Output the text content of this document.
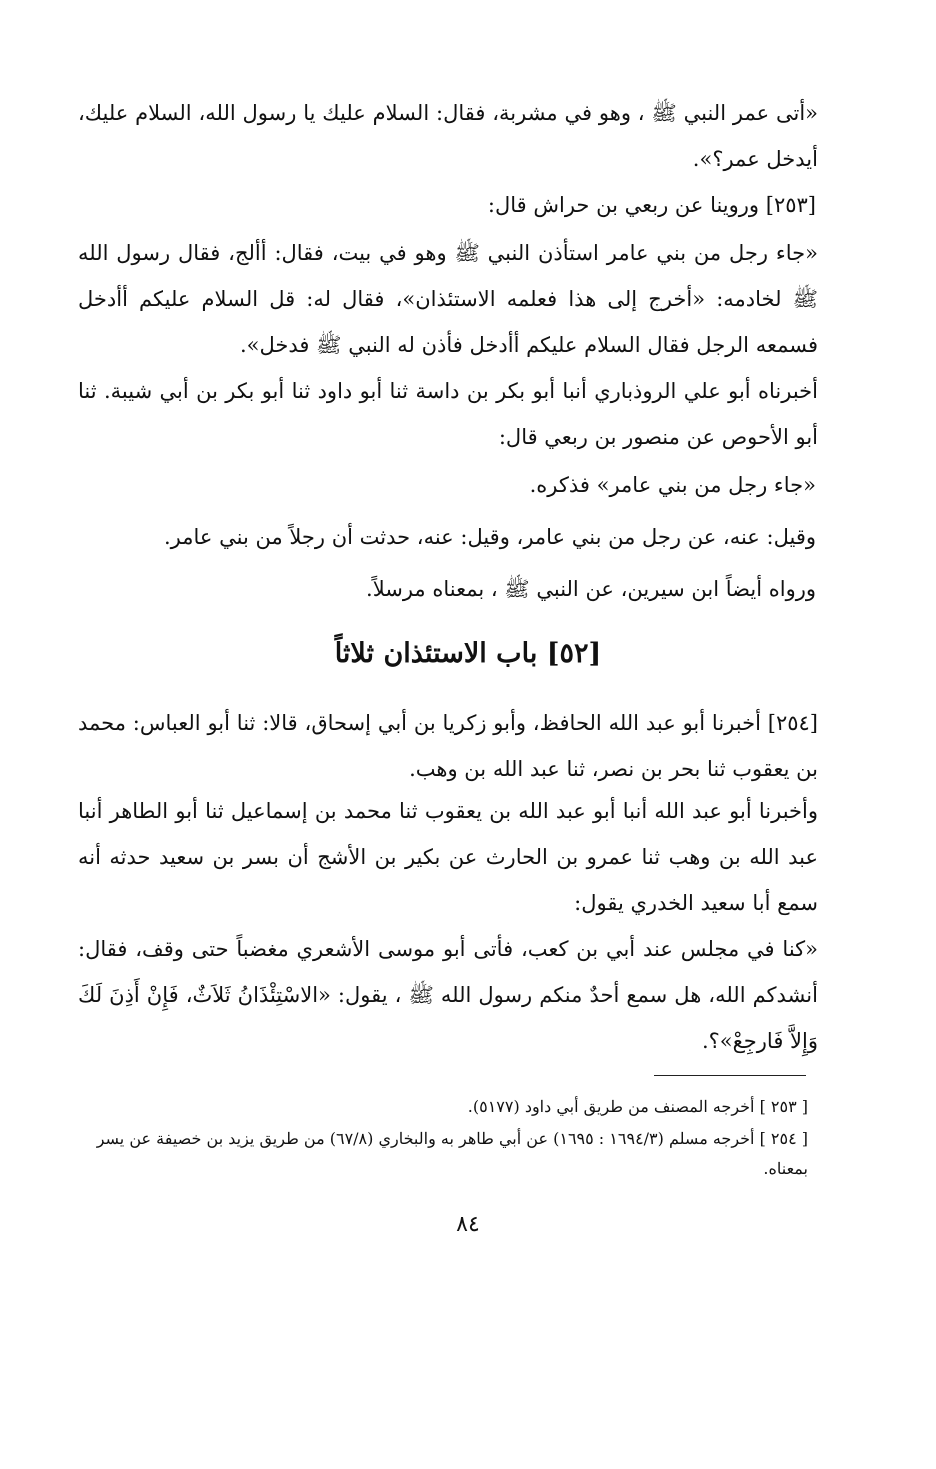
«أتى عمر النبي ﷺ ، وهو في مشربة، فقال: السلام عليك يا رسول الله، السلام عليك، أيدخل عمر؟».

[٢٥٣] وروينا عن ربعي بن حراش قال:

«جاء رجل من بني عامر استأذن النبي ﷺ وهو في بيت، فقال: أألج، فقال رسول الله ﷺ لخادمه: «أخرج إلى هذا فعلمه الاستئذان»، فقال له: قل السلام عليكم أأدخل فسمعه الرجل فقال السلام عليكم أأدخل فأذن له النبي ﷺ فدخل».

أخبرناه أبو علي الروذباري أنبا أبو بكر بن داسة ثنا أبو داود ثنا أبو بكر بن أبي شيبة. ثنا أبو الأحوص عن منصور بن ربعي قال:

«جاء رجل من بني عامر» فذكره.

وقيل: عنه، عن رجل من بني عامر، وقيل: عنه، حدثت أن رجلاً من بني عامر.

ورواه أيضاً ابن سيرين، عن النبي ﷺ ، بمعناه مرسلاً.

[٥٢] باب الاستئذان ثلاثاً

[٢٥٤] أخبرنا أبو عبد الله الحافظ، وأبو زكريا بن أبي إسحاق، قالا: ثنا أبو العباس: محمد بن يعقوب ثنا بحر بن نصر، ثنا عبد الله بن وهب.

وأخبرنا أبو عبد الله أنبا أبو عبد الله بن يعقوب ثنا محمد بن إسماعيل ثنا أبو الطاهر أنبا عبد الله بن وهب ثنا عمرو بن الحارث عن بكير بن الأشج أن بسر بن سعيد حدثه أنه سمع أبا سعيد الخدري يقول:

«كنا في مجلس عند أبي بن كعب، فأتى أبو موسى الأشعري مغضباً حتى وقف، فقال: أنشدكم الله، هل سمع أحدٌ منكم رسول الله ﷺ ، يقول: «الاسْتِئْذَانُ ثَلاَثٌ، فَإِنْ أَذِنَ لَكَ وَإِلاَّ فَارجِعْ»؟.

[ ٢٥٣ ] أخرجه المصنف من طريق أبي داود (٥١٧٧).

[ ٢٥٤ ] أخرجه مسلم (١٦٩٤/٣ : ١٦٩٥) عن أبي طاهر به والبخاري (٦٧/٨) من طريق يزيد بن خصيفة عن يسر بمعناه.

٨٤
